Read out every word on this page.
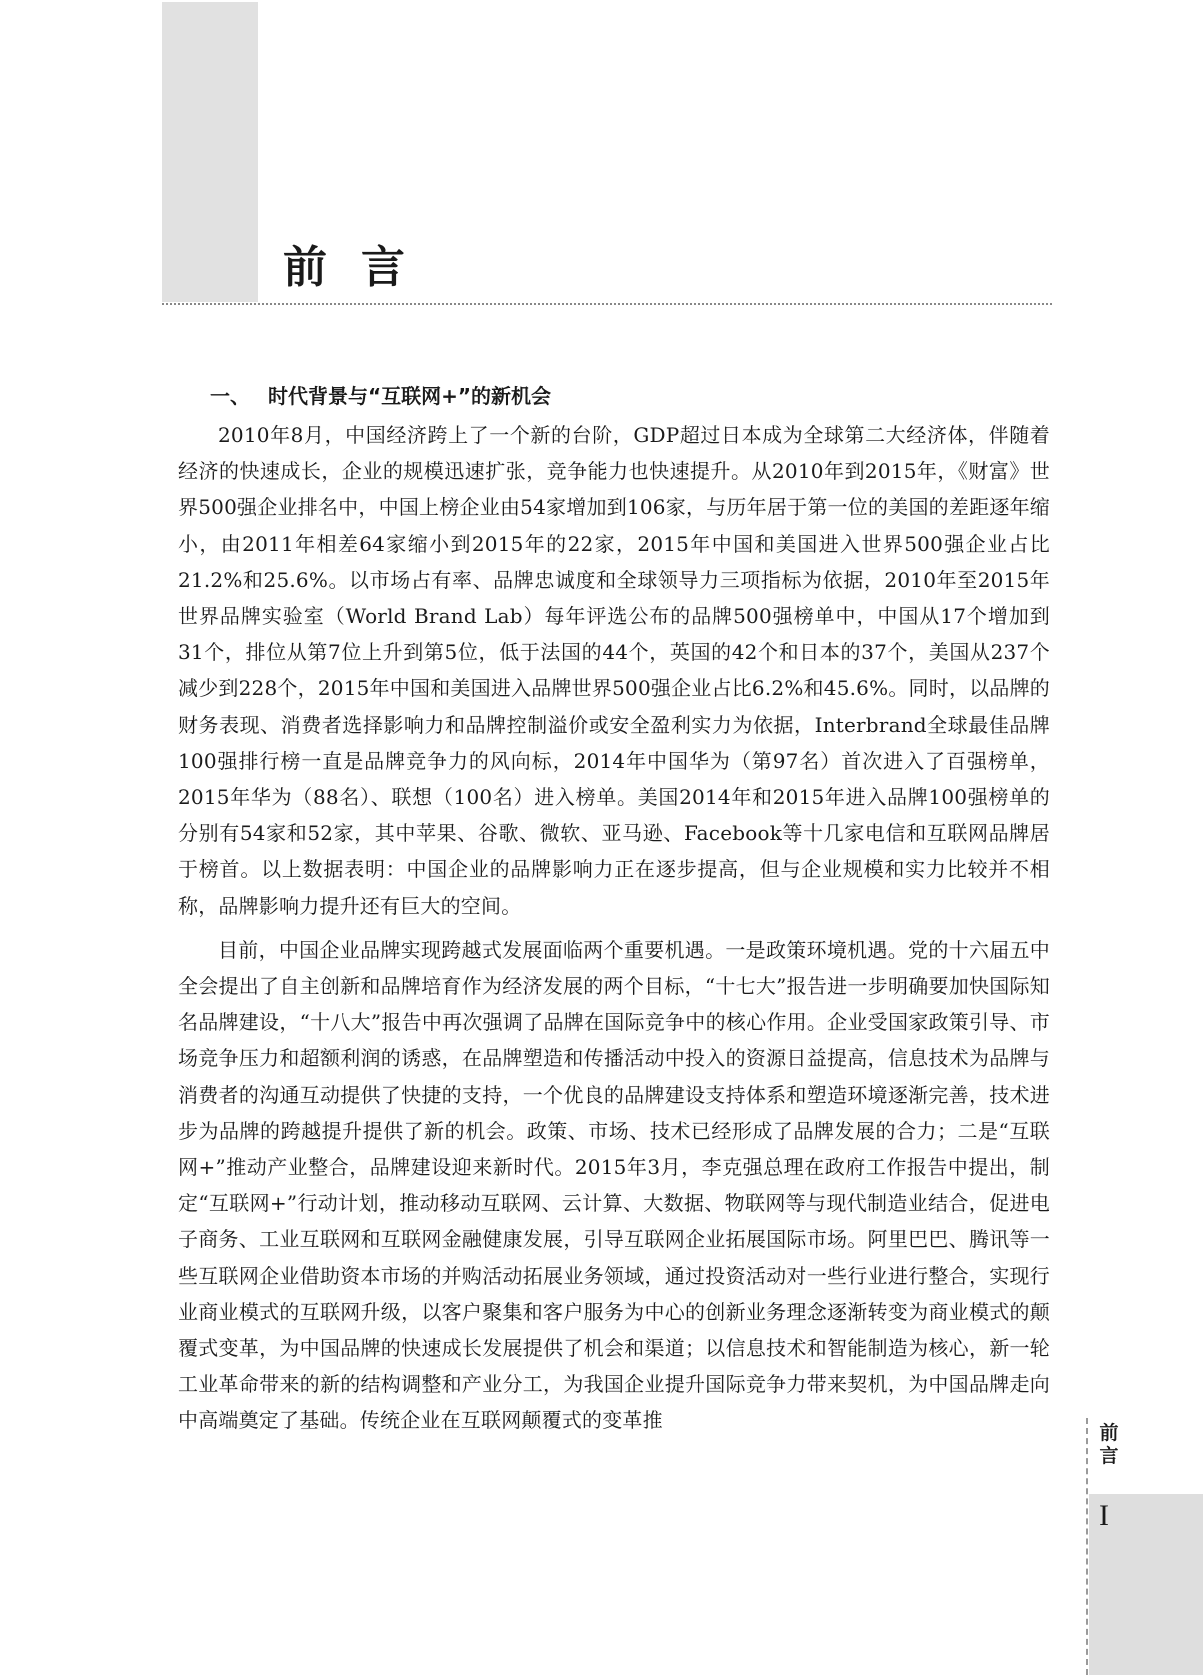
前言
一、 时代背景与“互联网+”的新机会

2010年8月，中国经济跨上了一个新的台阶，GDP超过日本成为全球第二大经济体，伴随着经济的快速成长，企业的规模迅速扩张，竞争能力也快速提升。从2010年到2015年，《财富》世界500强企业排名中，中国上榜企业由54家增加到106家，与历年居于第一位的美国的差距逐年缩小，由2011年相差64家缩小到2015年的22家，2015年中国和美国进入世界500强企业占比21.2%和25.6%。以市场占有率、品牌忠诚度和全球领导力三项指标为依据，2010年至2015年世界品牌实验室（World Brand Lab）每年评选公布的品牌500强榜单中，中国从17个增加到31个，排位从第7位上升到第5位，低于法国的44个，英国的42个和日本的37个，美国从237个减少到228个，2015年中国和美国进入品牌世界500强企业占比6.2%和45.6%。同时，以品牌的财务表现、消费者选择影响力和品牌控制溢价或安全盈利实力为依据，Interbrand全球最佳品牌100强排行榜一直是品牌竞争力的风向标，2014年中国华为（第97名）首次进入了百强榜单，2015年华为（88名）、联想（100名）进入榜单。美国2014年和2015年进入品牌100强榜单的分别有54家和52家，其中苹果、谷歌、微软、亚马逊、Facebook等十几家电信和互联网品牌居于榜首。以上数据表明：中国企业的品牌影响力正在逐步提高，但与企业规模和实力比较并不相称，品牌影响力提升还有巨大的空间。

目前，中国企业品牌实现跨越式发展面临两个重要机遇。一是政策环境机遇。党的十六届五中全会提出了自主创新和品牌培育作为经济发展的两个目标，“十七大”报告进一步明确要加快国际知名品牌建设，“十八大”报告中再次强调了品牌在国际竞争中的核心作用。企业受国家政策引导、市场竞争压力和超额利润的诱惑，在品牌塑造和传播活动中投入的资源日益提高，信息技术为品牌与消费者的沟通互动提供了快捷的支持，一个优良的品牌建设支持体系和塑造环境逐渐完善，技术进步为品牌的跨越提升提供了新的机会。政策、市场、技术已经形成了品牌发展的合力；二是“互联网+”推动产业整合，品牌建设迎来新时代。2015年3月，李克强总理在政府工作报告中提出，制定“互联网+”行动计划，推动移动互联网、云计算、大数据、物联网等与现代制造业结合，促进电子商务、工业互联网和互联网金融健康发展，引导互联网企业拓展国际市场。阿里巴巴、腾讯等一些互联网企业借助资本市场的并购活动拓展业务领域，通过投资活动对一些行业进行整合，实现行业商业模式的互联网升级，以客户聚集和客户服务为中心的创新业务理念逐渐转变为商业模式的颠覆式变革，为中国品牌的快速成长发展提供了机会和渠道；以信息技术和智能制造为核心，新一轮工业革命带来的新的结构调整和产业分工，为我国企业提升国际竞争力带来契机，为中国品牌走向中高端奠定了基础。传统企业在互联网颠覆式的变革推

前言
I
